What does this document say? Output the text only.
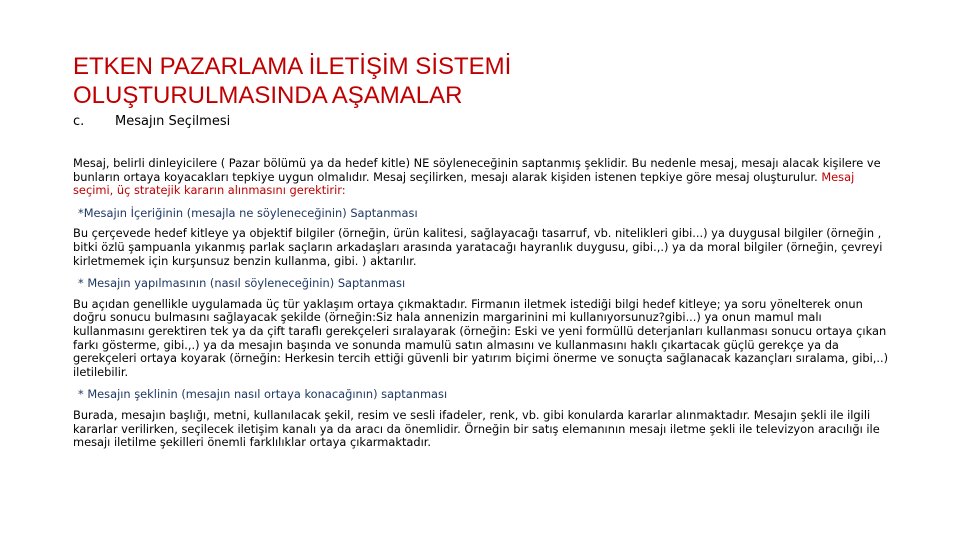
ETKEN PAZARLAMA İLETİŞİM SİSTEMİ
OLUŞTURULMASINDA AŞAMALAR
c. Mesajın Seçilmesi

Mesaj, belirli dinleyicilere ( Pazar bölümü ya da hedef kitle) NE söyleneceğinin saptanmış şeklidir. Bu nedenle mesaj, mesajı alacak kişilere ve bunların ortaya koyacakları tepkiye uygun olmalıdır. Mesaj seçilirken, mesajı alarak kişiden istenen tepkiye göre mesaj oluşturulur. Mesaj seçimi, üç stratejik kararın alınmasını gerektirir:

*Mesajın İçeriğinin (mesajla ne söyleneceğinin) Saptanması

Bu çerçevede hedef kitleye ya objektif bilgiler (örneğin, ürün kalitesi, sağlayacağı tasarruf, vb. nitelikleri gibi...) ya duygusal bilgiler (örneğin , bitki özlü şampuanla yıkanmış parlak saçların arkadaşları arasında yaratacağı hayranlık duygusu, gibi.,.) ya da moral bilgiler (örneğin, çevreyi kirletmemek için kurşunsuz benzin kullanma, gibi. ) aktarılır.

* Mesajın yapılmasının (nasıl söyleneceğinin) Saptanması

Bu açıdan genellikle uygulamada üç tür yaklaşım ortaya çıkmaktadır. Firmanın iletmek istediği bilgi hedef kitleye; ya soru yönelterek onun doğru sonucu bulmasını sağlayacak şekilde (örneğin:Siz hala annenizin margarinini mi kullanıyorsunuz?gibi...) ya onun mamul malı kullanmasını gerektiren tek ya da çift taraflı gerekçeleri sıralayarak (örneğin: Eski ve yeni formüllü deterjanları kullanması sonucu ortaya çıkan farkı gösterme, gibi.,.) ya da mesajın başında ve sonunda mamulü satın almasını ve kullanmasını haklı çıkartacak güçlü gerekçe ya da gerekçeleri ortaya koyarak (örneğin: Herkesin tercih ettiği güvenli bir yatırım biçimi önerme ve sonuçta sağlanacak kazançları sıralama, gibi,..) iletilebilir.

* Mesajın şeklinin (mesajın nasıl ortaya konacağının) saptanması

Burada, mesajın başlığı, metni, kullanılacak şekil, resim ve sesli ifadeler, renk, vb. gibi konularda kararlar alınmaktadır. Mesajın şekli ile ilgili kararlar verilirken, seçilecek iletişim kanalı ya da aracı da önemlidir. Örneğin bir satış elemanının mesajı iletme şekli ile televizyon aracılığı ile mesajı iletilme şekilleri önemli farklılıklar ortaya çıkarmaktadır.
